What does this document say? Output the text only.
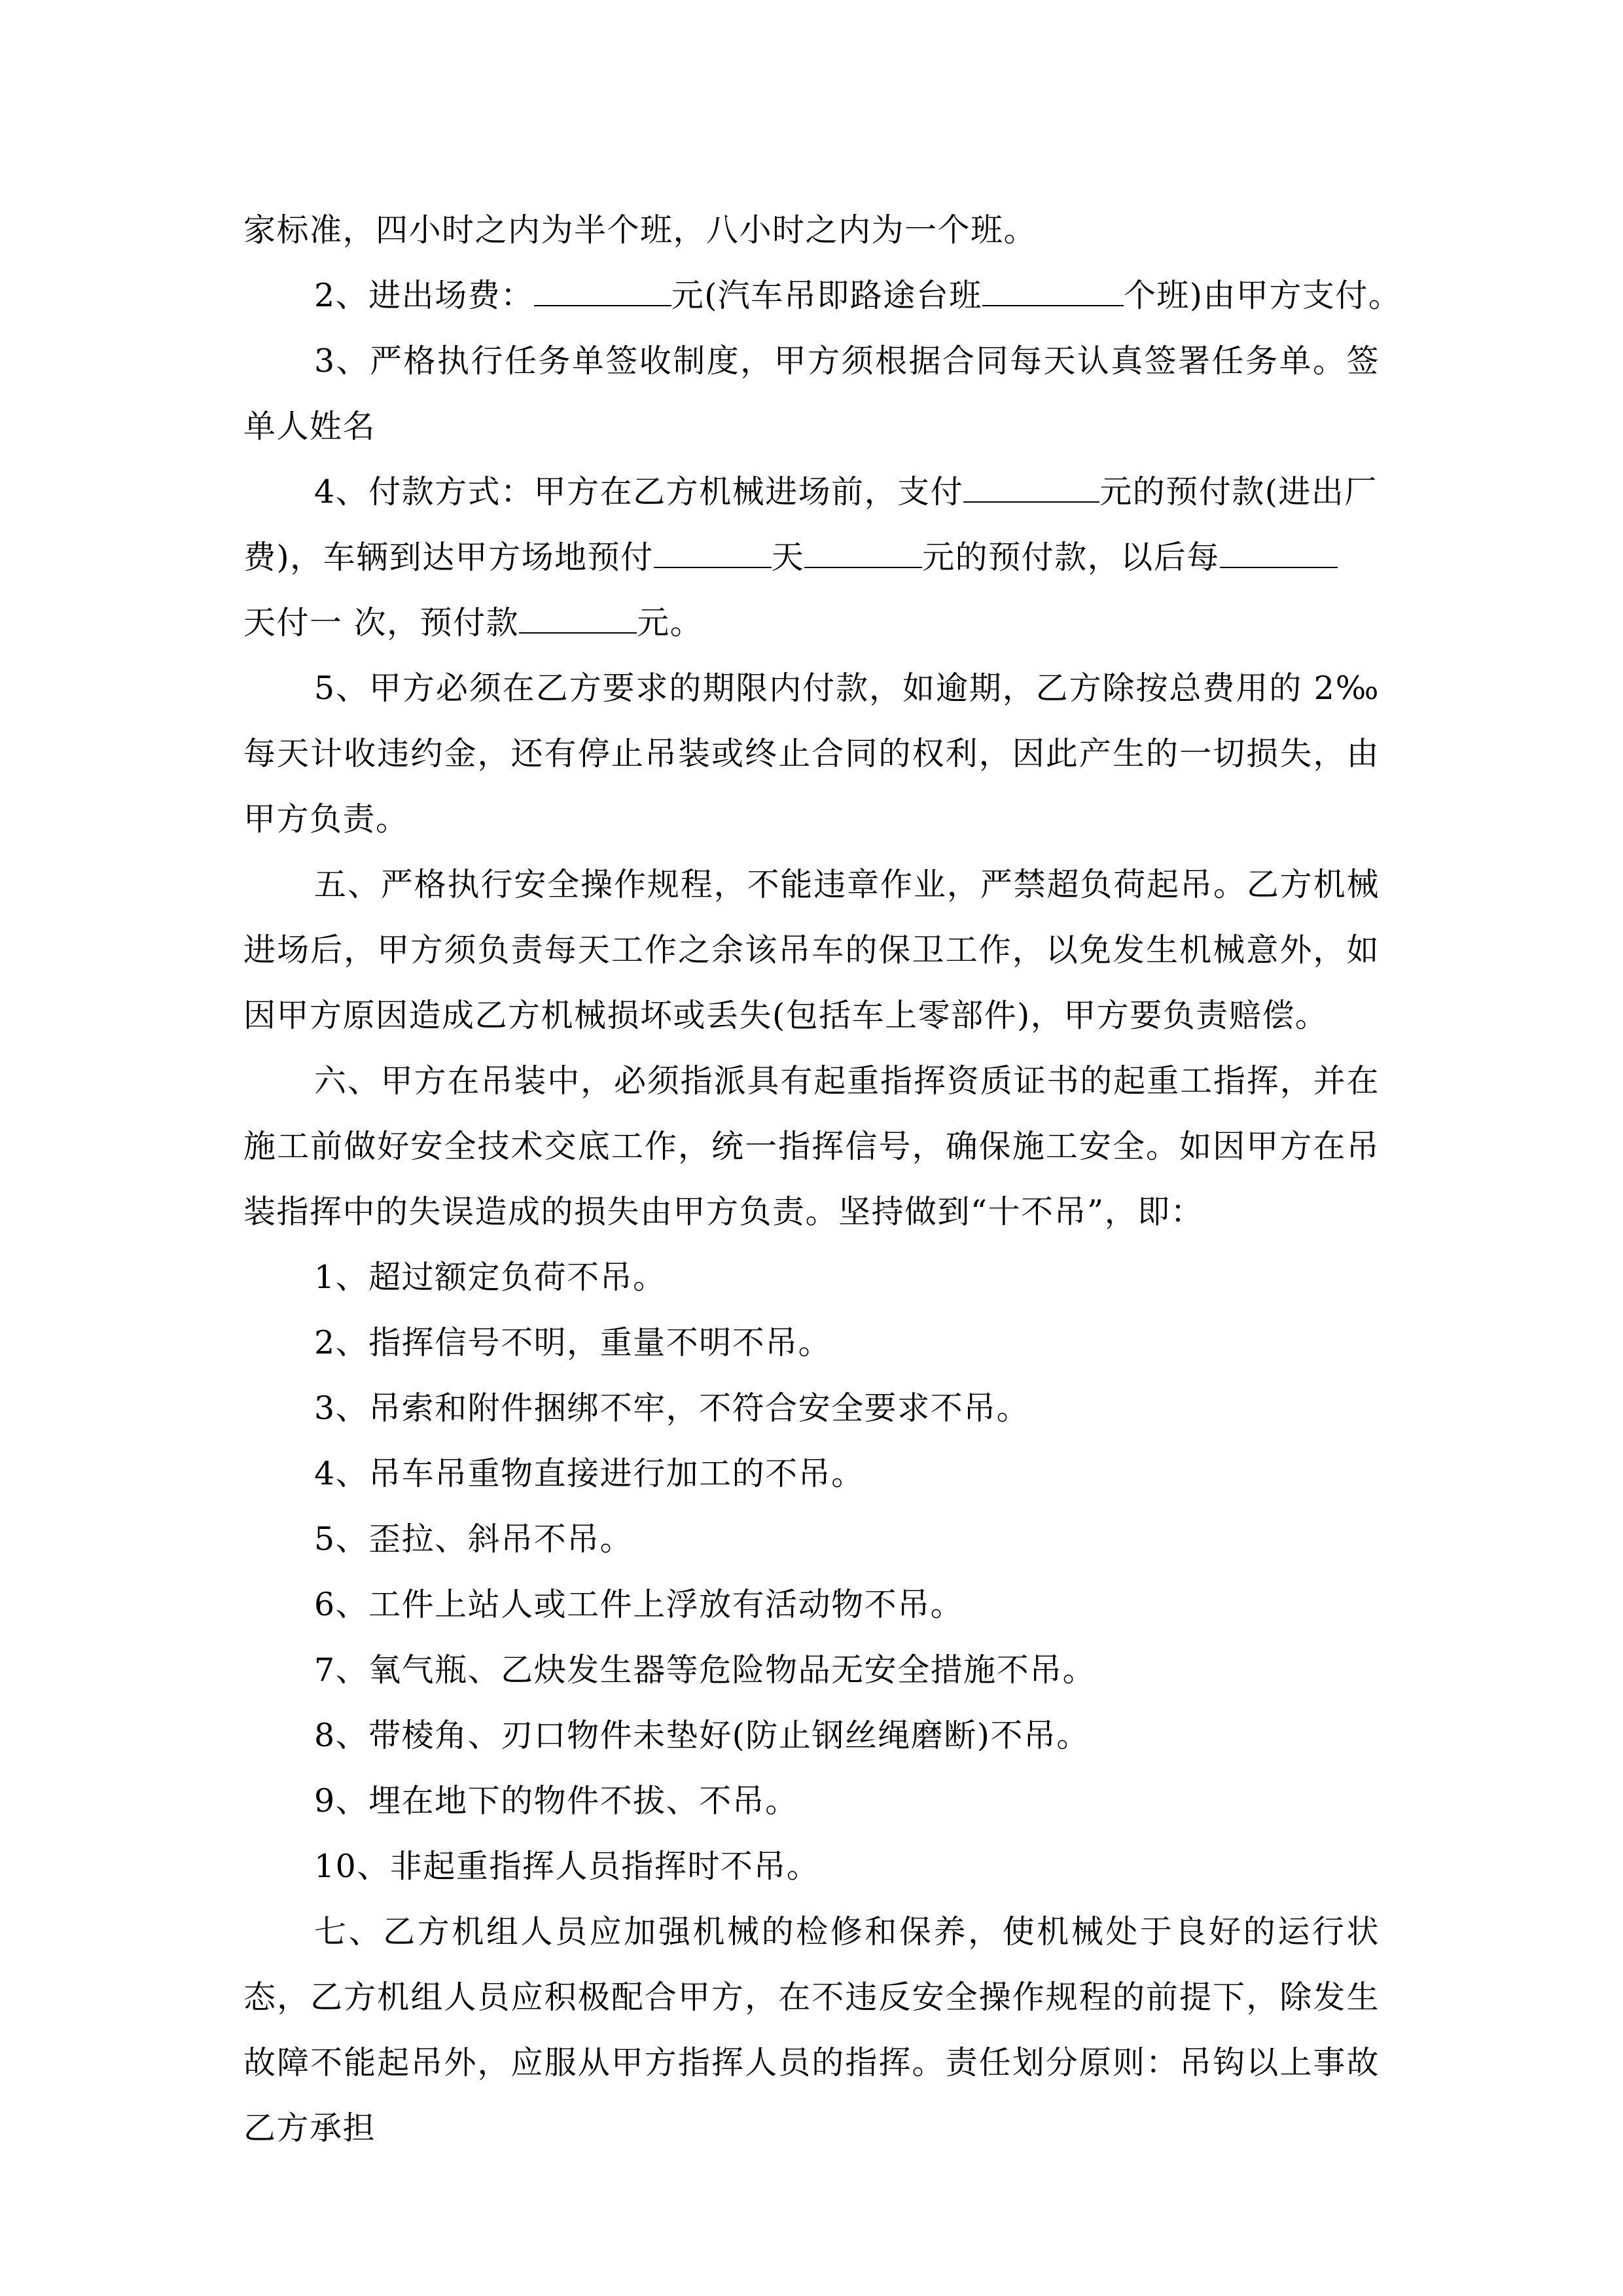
家标准，四小时之内为半个班，八小时之内为一个班。

2、进出场费：	元(汽车吊即路途台班	个班)由甲方支付。

3、严格执行任务单签收制度，甲方须根据合同每天认真签署任务单。签单人姓名

4、付款方式：甲方在乙方机械进场前，支付	元的预付款(进出厂

费)，车辆到达甲方场地预付	天	元的预付款，以后每

天付一 次，预付款	元。

5、甲方必须在乙方要求的期限内付款，如逾期，乙方除按总费用的 2‰每天计收违约金，还有停止吊装或终止合同的权利，因此产生的一切损失，由甲方负责。

五、严格执行安全操作规程，不能违章作业，严禁超负荷起吊。乙方机械进场后，甲方须负责每天工作之余该吊车的保卫工作，以免发生机械意外，如因甲方原因造成乙方机械损坏或丢失(包括车上零部件)，甲方要负责赔偿。

六、甲方在吊装中，必须指派具有起重指挥资质证书的起重工指挥，并在施工前做好安全技术交底工作，统一指挥信号，确保施工安全。如因甲方在吊装指挥中的失误造成的损失由甲方负责。坚持做到“十不吊”，即：

1、超过额定负荷不吊。

2、指挥信号不明，重量不明不吊。

3、吊索和附件捆绑不牢，不符合安全要求不吊。

4、吊车吊重物直接进行加工的不吊。

5、歪拉、斜吊不吊。

6、工件上站人或工件上浮放有活动物不吊。

7、氧气瓶、乙炔发生器等危险物品无安全措施不吊。

8、带棱角、刃口物件未垫好(防止钢丝绳磨断)不吊。

9、埋在地下的物件不拔、不吊。

10、非起重指挥人员指挥时不吊。

七、乙方机组人员应加强机械的检修和保养，使机械处于良好的运行状态，乙方机组人员应积极配合甲方，在不违反安全操作规程的前提下，除发生故障不能起吊外，应服从甲方指挥人员的指挥。责任划分原则：吊钩以上事故乙方承担
